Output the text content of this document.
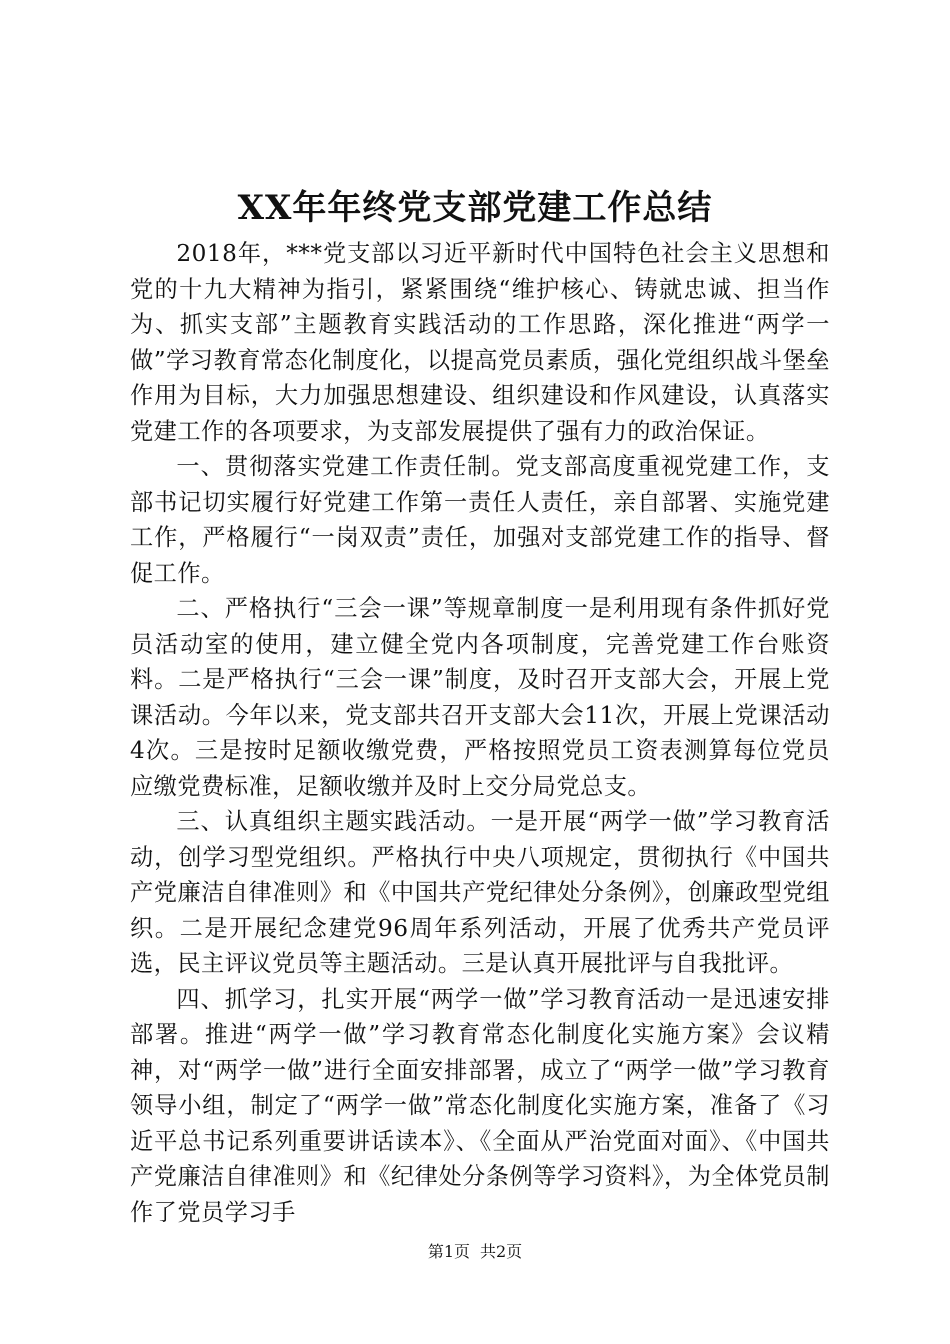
XX年年终党支部党建工作总结

2018年，***党支部以习近平新时代中国特色社会主义思想和党的十九大精神为指引，紧紧围绕“维护核心、铸就忠诚、担当作为、抓实支部”主题教育实践活动的工作思路，深化推进“两学一做”学习教育常态化制度化，以提高党员素质，强化党组织战斗堡垒作用为目标，大力加强思想建设、组织建设和作风建设，认真落实党建工作的各项要求，为支部发展提供了强有力的政治保证。

一、贯彻落实党建工作责任制。党支部高度重视党建工作，支部书记切实履行好党建工作第一责任人责任，亲自部署、实施党建工作，严格履行“一岗双责”责任，加强对支部党建工作的指导、督促工作。

二、严格执行“三会一课”等规章制度一是利用现有条件抓好党员活动室的使用，建立健全党内各项制度，完善党建工作台账资料。二是严格执行“三会一课”制度，及时召开支部大会，开展上党课活动。今年以来，党支部共召开支部大会11次，开展上党课活动4次。三是按时足额收缴党费，严格按照党员工资表测算每位党员应缴党费标准，足额收缴并及时上交分局党总支。

三、认真组织主题实践活动。一是开展“两学一做”学习教育活动，创学习型党组织。严格执行中央八项规定，贯彻执行《中国共产党廉洁自律准则》和《中国共产党纪律处分条例》，创廉政型党组织。二是开展纪念建党96周年系列活动，开展了优秀共产党员评选，民主评议党员等主题活动。三是认真开展批评与自我批评。

四、抓学习，扎实开展“两学一做”学习教育活动一是迅速安排部署。推进“两学一做”学习教育常态化制度化实施方案》会议精神，对“两学一做”进行全面安排部署，成立了“两学一做”学习教育领导小组，制定了“两学一做”常态化制度化实施方案，准备了《习近平总书记系列重要讲话读本》、《全面从严治党面对面》、《中国共产党廉洁自律准则》和《纪律处分条例等学习资料》，为全体党员制作了党员学习手

第1页 共2页
